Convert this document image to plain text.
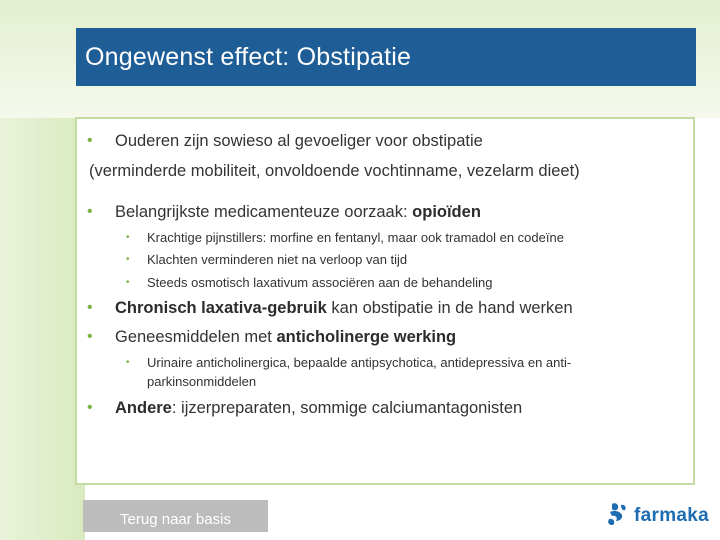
Ongewenst effect: Obstipatie
• Ouderen zijn sowieso al gevoeliger voor obstipatie
(verminderde mobiliteit, onvoldoende vochtinname, vezelarm dieet)
• Belangrijkste medicamenteuze oorzaak: opioïden
• Krachtige pijnstillers: morfine en fentanyl, maar ook tramadol en codeïne
• Klachten verminderen niet na verloop van tijd
• Steeds osmotisch laxativum associëren aan de behandeling
• Chronisch laxativa-gebruik kan obstipatie in de hand werken
• Geneesmiddelen met anticholinerge werking
• Urinaire anticholinergica, bepaalde antipsychotica, antidepressiva en anti-
parkinsonmiddelen
• Andere: ijzerpreparaten, sommige calciumantagonisten
Terug naar basis	farmaka
